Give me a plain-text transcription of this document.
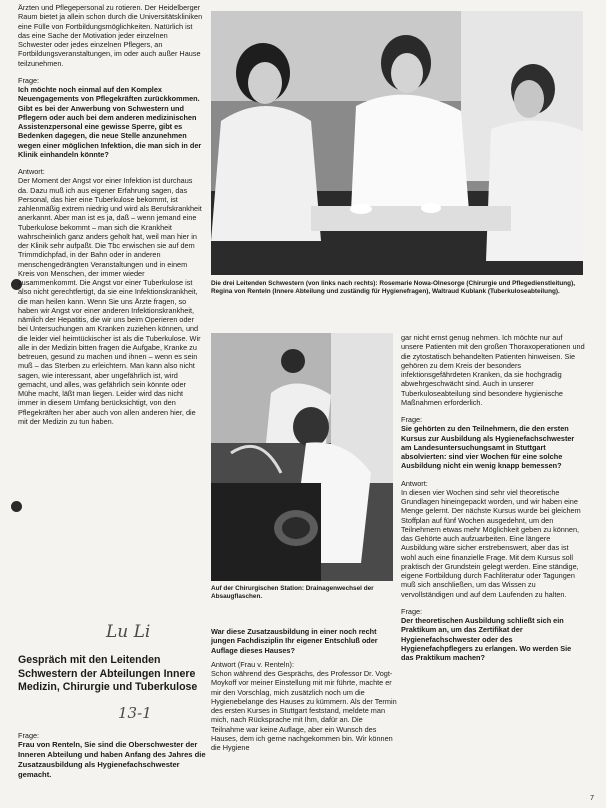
Ärzten und Pflegepersonal zu rotieren. Der Heidelberger Raum bietet ja allein schon durch die Universitätskliniken eine Fülle von Fortbildungsmöglichkeiten. Natürlich ist das eine Sache der Motivation jeder einzelnen Schwester oder jedes einzelnen Pflegers, an Fortbildungsveranstaltungen, im oder auch außer Hause teilzunehmen.

Frage:

Ich möchte noch einmal auf den Komplex Neuengagements von Pflegekräften zurückkommen. Gibt es bei der Anwerbung von Schwestern und Pflegern oder auch bei dem anderen medizinischen Assistenzpersonal eine gewisse Sperre, gibt es Bedenken dagegen, die neue Stelle anzunehmen wegen einer möglichen Infektion, die man sich in der Klinik einhandeln könnte?

Antwort:

Der Moment der Angst vor einer Infektion ist durchaus da. Dazu muß ich aus eigener Erfahrung sagen, das Personal, das hier eine Tuberkulose bekommt, ist zahlenmäßig extrem niedrig und wird als Berufskrankheit anerkannt. Aber man ist es ja, daß – wenn jemand eine Tuberkulose bekommt – man sich die Krankheit wahrscheinlich ganz anders geholt hat, weil man hier in der Klinik sehr aufpaßt. Die Tbc erwischen sie auf dem Trimmdichpfad, in der Bahn oder in anderen menschengedrängten Veranstaltungen und in einem Kreis von Menschen, der immer wieder zusammenkommt. Die Angst vor einer Tuberkulose ist also nicht gerechtfertigt, da sie eine Infektionskrankheit, die man heilen kann. Wenn Sie uns Ärzte fragen, so haben wir Angst vor einer anderen Infektionskrankheit, nämlich der Hepatitis, die wir uns beim Operieren oder bei Untersuchungen am Kranken zuziehen können, und die leider viel heimtückischer ist als die Tuberkulose. Wir alle in der Medizin bitten fragen die Aufgabe, Kranke zu betreuen, gesund zu machen und ihnen – wenn es sein muß – das Sterben zu erleichtern. Man kann also nicht sagen, wie interessant, aber ungefährlich ist, wird gemacht, und alles, was gefährlich sein könnte oder Mühe macht, läßt man liegen. Leider wird das nicht immer in diesem Umfang berücksichtigt, von den Pflegekräften her aber auch von allen anderen hier, die mit der Medizin zu tun haben.

Lu Li
Gespräch mit den Leitenden Schwestern der Abteilungen Innere Medizin, Chirurgie und Tuberkulose
13-1

Frage:

Frau von Renteln, Sie sind die Oberschwester der Inneren Abteilung und haben Anfang des Jahres die Zusatzausbildung als Hygienefachschwester gemacht.

Die drei Leitenden Schwestern (von links nach rechts): Rosemarie Nowa-Olnesorge (Chirurgie und Pflegedienstleitung), Regina von Renteln (Innere Abteilung und zuständig für Hygienefragen), Waltraud Kublank (Tuberkuloseabteilung).
Auf der Chirurgischen Station: Drainagenwechsel der Absaugflaschen.

War diese Zusatzausbildung in einer noch recht jungen Fachdisziplin Ihr eigener Entschluß oder Auflage dieses Hauses?

Antwort (Frau v. Renteln):

Schon während des Gesprächs, des Professor Dr. Vogt-Moykoff vor meiner Einstellung mit mir führte, machte er mir den Vorschlag, mich zusätzlich noch um die Hygienebelange des Hauses zu kümmern. Als der Termin des ersten Kurses in Stuttgart feststand, meldete man mich, nach Rücksprache mit Ihm, dafür an. Die Teilnahme war keine Auflage, aber ein Wunsch des Hauses, dem ich gerne nachgekommen bin. Wir können die Hygiene

gar nicht ernst genug nehmen. Ich möchte nur auf unsere Patienten mit den großen Thoraxoperationen und die zytostatisch behandelten Patienten hinweisen. Sie gehören zu dem Kreis der besonders infektionsgefährdeten Kranken, da sie hochgradig abwehrgeschwächt sind. Auch in unserer Tuberkuloseabteilung sind besondere hygienische Maßnahmen erforderlich.

Frage:

Sie gehörten zu den Teilnehmern, die den ersten Kursus zur Ausbildung als Hygienefachschwester am Landesuntersuchungsamt in Stuttgart absolvierten: sind vier Wochen für eine solche Ausbildung nicht ein wenig knapp bemessen?

Antwort:

In diesen vier Wochen sind sehr viel theoretische Grundlagen hineingepackt worden, und wir haben eine Menge gelernt. Der nächste Kursus wurde bei gleichem Stoffplan auf fünf Wochen ausgedehnt, um den Teilnehmern etwas mehr Möglichkeit geben zu können, das Gehörte auch aufzuarbeiten. Eine längere Ausbildung wäre sicher erstrebenswert, aber das ist wohl auch eine finanzielle Frage. Mit dem Kursus soll praktisch der Grundstein gelegt werden. Eine ständige, eigene Fortbildung durch Fachliteratur oder Tagungen muß sich anschließen, um das Wissen zu vervollständigen und auf dem Laufenden zu halten.

Frage:

Der theoretischen Ausbildung schließt sich ein Praktikum an, um das Zertifikat der Hygienefachschwester oder des Hygienefachpflegers zu erlangen. Wo werden Sie das Praktikum machen?

7
